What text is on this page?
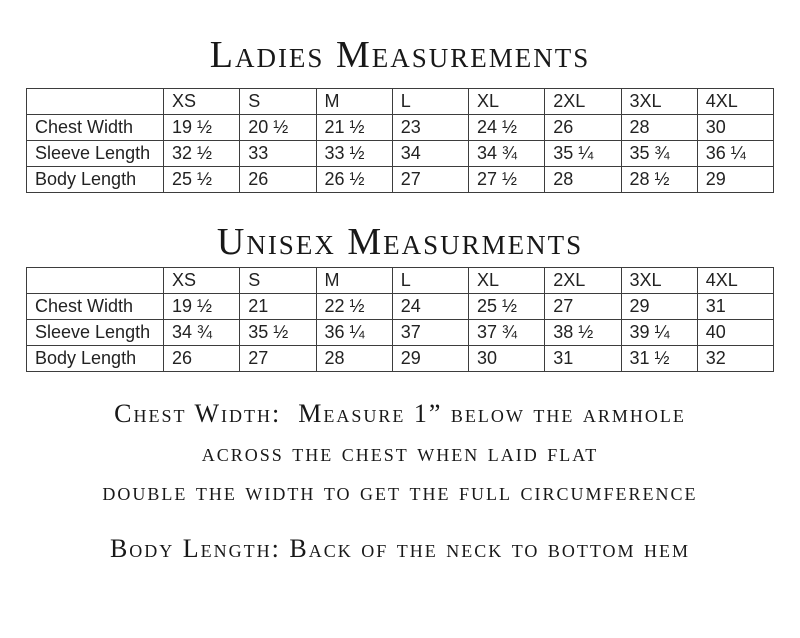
Ladies Measurements
	XS	S	M	L	XL	2XL	3XL	4XL
Chest Width	19 ½	20 ½	21 ½	23	24 ½	26	28	30
Sleeve Length	32 ½	33	33 ½	34	34 ¾	35 ¼	35 ¾	36 ¼
Body Length	25 ½	26	26 ½	27	27 ½	28	28 ½	29
Unisex Measurments
	XS	S	M	L	XL	2XL	3XL	4XL
Chest Width	19 ½	21	22 ½	24	25 ½	27	29	31
Sleeve Length	34 ¾	35 ½	36 ¼	37	37 ¾	38 ½	39 ¼	40
Body Length	26	27	28	29	30	31	31 ½	32
Chest Width:  Measure 1” below the armhole
across the chest when laid flat
double the width to get the full circumference
Body Length: Back of the neck to bottom hem
